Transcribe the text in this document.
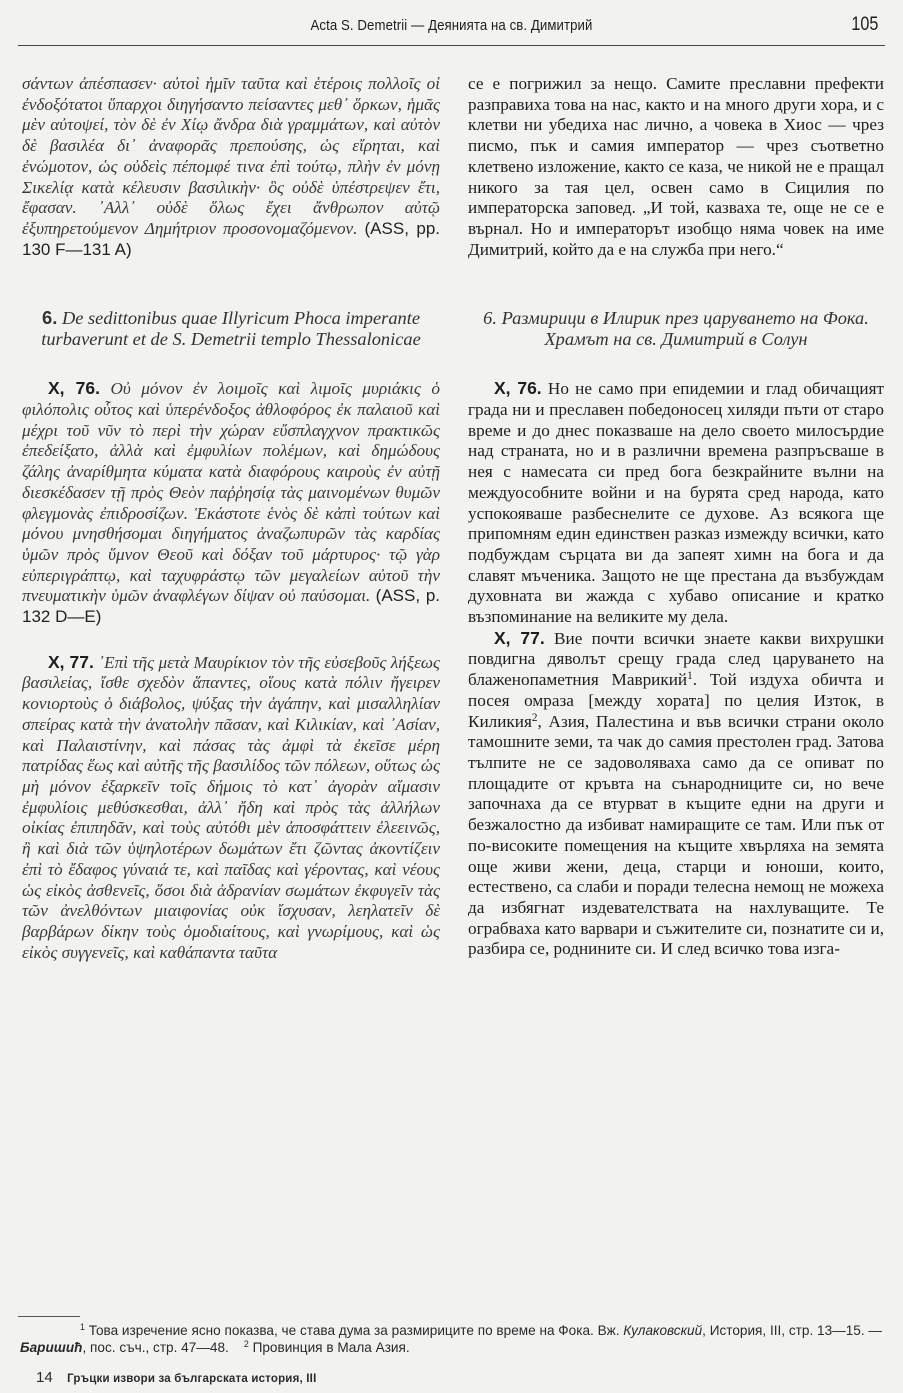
Acta S. Demetrii — Деянията на св. Димитрий	105

σάντων ἀπέσπασεν· αὐτοὶ ἡμῖν ταῦτα καὶ ἑτέροις πολλοῖς οἱ ἐνδοξότατοι ὕπαρχοι διηγήσαντο πείσαντες μεθ᾽ ὅρκων, ἡμᾶς μὲν αὐτοψεί, τὸν δὲ ἐν Χίῳ ἄνδρα διὰ γραμμάτων, καὶ αὐτὸν δὲ βασιλέα δι᾽ ἀναφορᾶς πρεπούσης, ὡς εἴρηται, καὶ ἐνώμοτον, ὡς οὐδεὶς πέπομφέ τινα ἐπὶ τούτῳ, πλὴν ἐν μόνῃ Σικελίᾳ κατὰ κέλευσιν βασιλικὴν· ὃς οὐδὲ ὑπέστρεψεν ἔτι, ἔφασαν. ᾿Αλλ᾽ οὐδὲ ὅλως ἔχει ἄνθρωπον αὐτῷ ἐξυπηρετούμενον Δημήτριον προσονομαζόμενον. (ASS, pp. 130 F—131 A)

6. De sedittonibus quae Illyricum Phoca imperante turbaverunt et de S. Demetrii templo Thessalonicae

X, 76. Οὐ μόνον ἐν λοιμοῖς καὶ λιμοῖς μυριάκις ὁ φιλόπολις οὗτος καὶ ὑπερένδοξος ἀθλοφόρος ἐκ παλαιοῦ καὶ μέχρι τοῦ νῦν τὸ περὶ τὴν χώραν εὔσπλαγχνον πρακτικῶς ἐπεδείξατο, ἀλλὰ καὶ ἐμφυλίων πολέμων, καὶ δημώδους ζάλης ἀναρίθμητα κύματα κατὰ διαφόρους καιροὺς ἐν αὐτῇ διεσκέδασεν τῇ πρὸς Θεὸν παῤῥησίᾳ τὰς μαινομένων θυμῶν φλεγμονὰς ἐπιδροσίζων. Ἑκάστοτε ἑνὸς δὲ κἀπὶ τούτων καὶ μόνου μνησθήσομαι διηγήματος ἀναζωπυρῶν τὰς καρδίας ὑμῶν πρὸς ὕμνον Θεοῦ καὶ δόξαν τοῦ μάρτυρος· τῷ γὰρ εὐπεριγράπτῳ, καὶ ταχυφράστῳ τῶν μεγαλείων αὐτοῦ τὴν πνευματικὴν ὑμῶν ἀναφλέγων δίψαν οὐ παύσομαι. (ASS, p. 132 D—E)

X, 77. ᾿Επὶ τῆς μετὰ Μαυρίκιον τὸν τῆς εὐσεβοῦς λήξεως βασιλείας, ἴσθε σχεδὸν ἅπαντες, οἵους κατὰ πόλιν ἤγειρεν κονιορτοὺς ὁ διάβολος, ψύξας τὴν ἀγάπην, καὶ μισαλληλίαν σπείρας κατὰ τὴν ἀνατολὴν πᾶσαν, καὶ Κιλικίαν, καὶ ᾿Ασίαν, καὶ Παλαιστίνην, καὶ πάσας τὰς ἀμφὶ τὰ ἐκεῖσε μέρη πατρίδας ἕως καὶ αὐτῆς τῆς βασιλίδος τῶν πόλεων, οὕτως ὡς μὴ μόνον ἐξαρκεῖν τοῖς δήμοις τὸ κατ᾽ ἀγορὰν αἵμασιν ἐμφυλίοις μεθύσκεσθαι, ἀλλ᾽ ἤδη καὶ πρὸς τὰς ἀλλήλων οἰκίας ἐπιπηδᾶν, καὶ τοὺς αὐτόθι μὲν ἀποσφάττειν ἐλεεινῶς, ἢ καὶ διὰ τῶν ὑψηλοτέρων δωμάτων ἔτι ζῶντας ἀκοντίζειν ἐπὶ τὸ ἔδαφος γύναιά τε, καὶ παῖδας καὶ γέροντας, καὶ νέους ὡς εἰκὸς ἀσθενεῖς, ὅσοι διὰ ἀδρανίαν σωμάτων ἐκφυγεῖν τὰς τῶν ἀνελθόντων μιαιφονίας οὐκ ἴσχυσαν, λεηλατεῖν δὲ βαρβάρων δίκην τοὺς ὁμοδιαίτους, καὶ γνωρίμους, καὶ ὡς εἰκὸς συγγενεῖς, καὶ καθάπαντα ταῦτα

се е погрижил за нещо. Самите преславни префекти разправиха това на нас, както и на много други хора, и с клетви ни убедиха нас лично, а човека в Хиос — чрез писмо, пък и самия император — чрез съответно клетвено изложение, както се каза, че никой не е пращал никого за тая цел, освен само в Сицилия по императорска заповед. „И той, казваха те, още не се е върнал. Но и императорът изобщо няма човек на име Димитрий, който да е на служба при него.“

6. Размирици в Илирик през царуването на Фока. Храмът на св. Димитрий в Солун

X, 76. Но не само при епидемии и глад обичащият града ни и преславен победоносец хиляди пъти от старо време и до днес показваше на дело своето милосърдие над страната, но и в различни времена разпръсваше в нея с намесата си пред бога безкрайните вълни на междуособните войни и на бурята сред народа, като успокояваше разбеснелите се духове. Аз всякога ще припомням един единствен разказ измежду всички, като подбуждам сърцата ви да запеят химн на бога и да славят мъченика. Защото не ще престана да възбуждам духовната ви жажда с хубаво описание и кратко възпоминание на великите му дела.

X, 77. Вие почти всички знаете какви вихрушки повдигна дяволът срещу града след царуването на блаженопаметния Маврикий$^1$. Той издуха обичта и посея омраза [между хората] по целия Изток, в Киликия$^2$, Азия, Палестина и във всички страни около тамошните земи, та чак до самия престолен град. Затова тълпите не се задоволяваха само да се опиват по площадите от кръвта на сънародниците си, но вече започнаха да се втурват в къщите едни на други и безжалостно да избиват намиращите се там. Или пък от по-високите помещения на къщите хвърляха на земята още живи жени, деца, старци и юноши, които, естествено, са слаби и поради телесна немощ не можеха да избягнат издевателствата на нахлуващите. Те ограбваха като варвари и съжителите си, познатите си и, разбира се, роднините си. И след всичко това изга-

$^1$ Това изречение ясно показва, че става дума за размириците по време на Фока. Вж. Кулаковский, История, III, стр. 13—15. — Баришић, пос. съч., стр. 47—48. $^2$ Провинция в Мала Азия.

14 Гръцки извори за българската история, III
